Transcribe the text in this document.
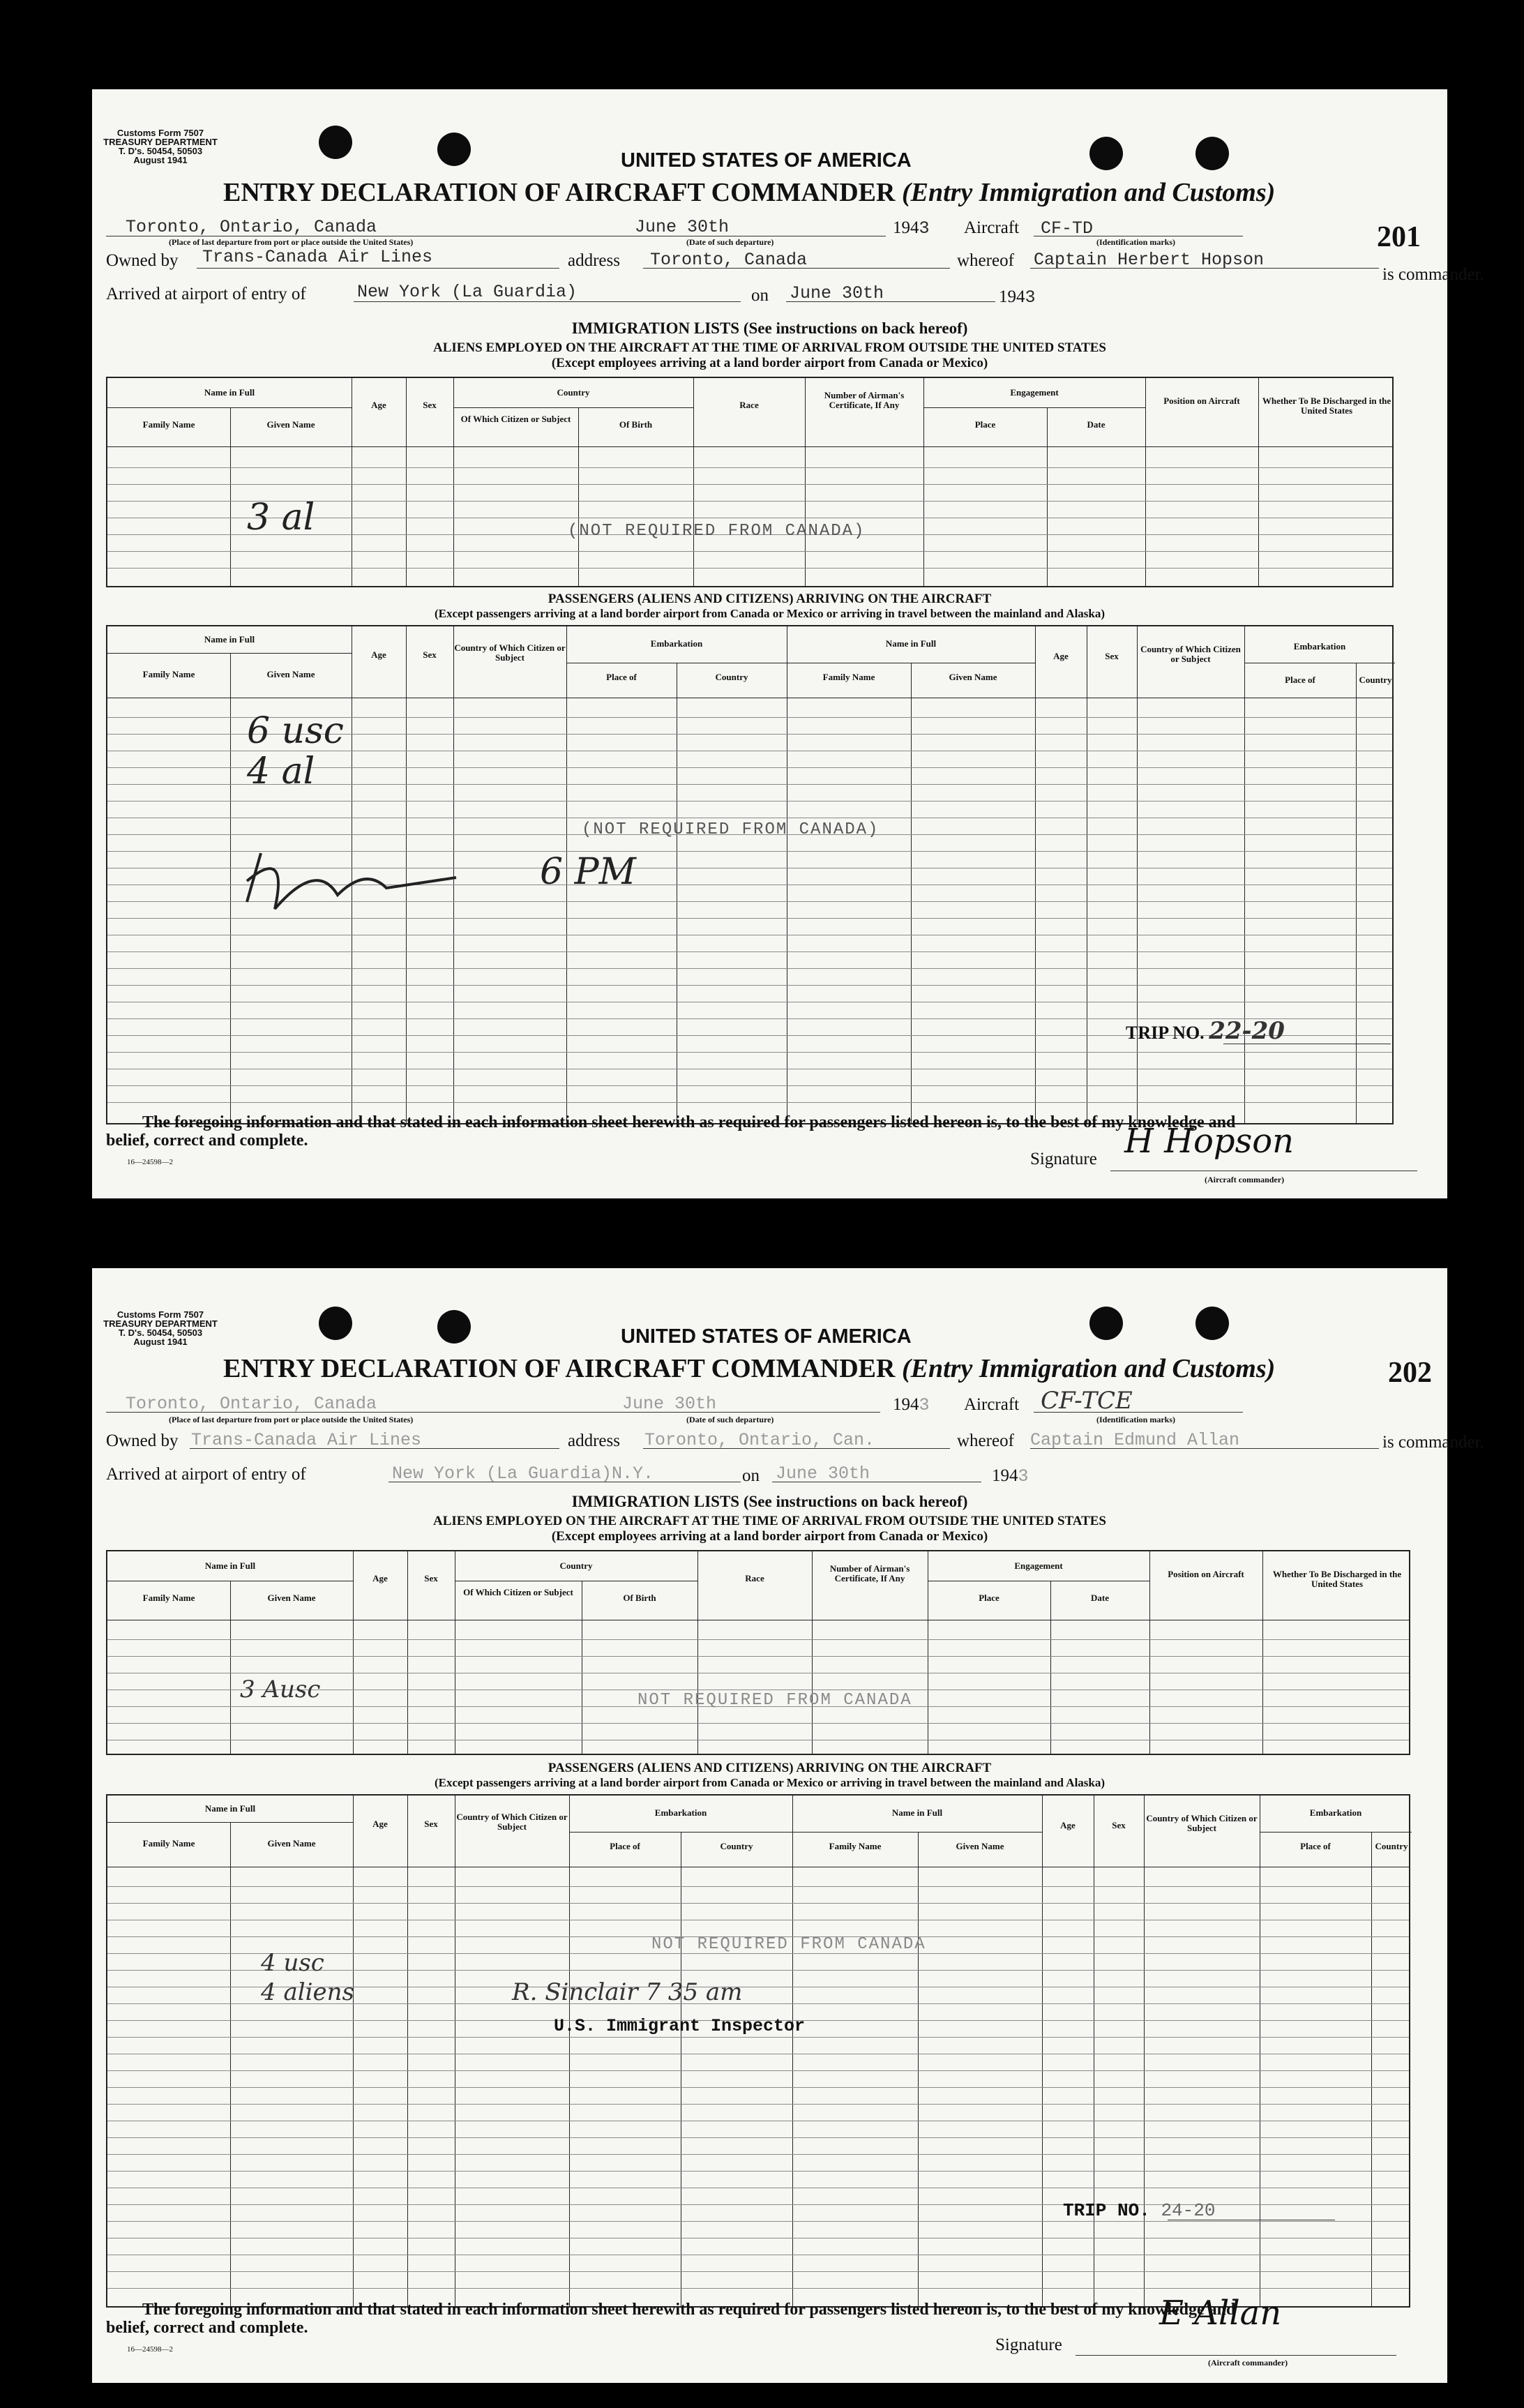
Customs Form 7507
TREASURY DEPARTMENT
T. D's. 50454, 50503
August 1941	UNITED STATES OF AMERICA
ENTRY DECLARATION OF AIRCRAFT COMMANDER (Entry Immigration and Customs)
201
Toronto, Ontario, Canada	June 30th	1943 Aircraft CF-TD
(Place of last departure from port or place outside the United States)	(Date of such departure)	(Identification marks)
Owned by Trans-Canada Air Lines	address Toronto, Canada	whereof Captain Herbert Hopson
is commander.
Arrived at airport of entry of	New York (La Guardia)	on June 30th	1943
IMMIGRATION LISTS (See instructions on back hereof)
ALIENS EMPLOYED ON THE AIRCRAFT AT THE TIME OF ARRIVAL FROM OUTSIDE THE UNITED STATES
(Except employees arriving at a land border airport from Canada or Mexico)
Name in Full
Family Name	Given Name
Age	Sex
Country
Of Which Citizen or Subject
Of Birth
Race
Number of Airman's Certificate, If Any
Engagement
Place	Date
Position on Aircraft	Whether To Be Discharged in the United States
3 al	(NOT REQUIRED FROM CANADA)
PASSENGERS (ALIENS AND CITIZENS) ARRIVING ON THE AIRCRAFT
(Except passengers arriving at a land border airport from Canada or Mexico or arriving in travel between the mainland and Alaska)
Name in Full
Family Name	Given Name
Age	Sex
Country of Which Citizen or Subject
Embarkation
Place of	Country
Name in Full
Family Name	Given Name
Age	Sex
Country of Which Citizen or Subject
Embarkation
Place of	Country
6 usc
4 al
6 PM
(NOT REQUIRED FROM CANADA)
TRIP NO. 22-20
The foregoing information and that stated in each information sheet herewith as required for passengers listed hereon is, to the best of my knowledge and
belief, correct and complete.
16—24598—2	Signature H Hopson
(Aircraft commander)
Customs Form 7507
TREASURY DEPARTMENT
T. D's. 50454, 50503
August 1941	UNITED STATES OF AMERICA
ENTRY DECLARATION OF AIRCRAFT COMMANDER (Entry Immigration and Customs)	202
Toronto, Ontario, Canada	June 30th	1943 Aircraft CF-TCE
(Place of last departure from port or place outside the United States)	(Date of such departure)	(Identification marks)
Owned by Trans-Canada Air Lines	address Toronto, Ontario, Can.	whereof Captain Edmund Allan	is commander.
Arrived at airport of entry of	New York (La Guardia)N.Y.	on June 30th	1943
IMMIGRATION LISTS (See instructions on back hereof)
ALIENS EMPLOYED ON THE AIRCRAFT AT THE TIME OF ARRIVAL FROM OUTSIDE THE UNITED STATES
(Except employees arriving at a land border airport from Canada or Mexico)
Name in Full
Family Name	Given Name
Age	Sex
Country
Of Which Citizen or Subject
Of Birth
Race
Number of Airman's Certificate, If Any
Engagement
Place	Date
Position on Aircraft	Whether To Be Discharged in the United States
3 Ausc	NOT REQUIRED FROM CANADA
PASSENGERS (ALIENS AND CITIZENS) ARRIVING ON THE AIRCRAFT
(Except passengers arriving at a land border airport from Canada or Mexico or arriving in travel between the mainland and Alaska)
Name in Full
Family Name	Given Name
Age	Sex
Country of Which Citizen or Subject
Embarkation
Place of	Country
Name in Full
Family Name	Given Name
Age	Sex
Country of Which Citizen or Subject
Embarkation
Place of	Country
NOT REQUIRED FROM CANADA
4 usc
4 aliens	R. Sinclair 7 35 am
U.S. Immigrant Inspector
TRIP NO. 24-20
The foregoing information and that stated in each information sheet herewith as required for passengers listed hereon is, to the best of my knowledge and
belief, correct and complete.
16—24598—2	Signature
E Allan
(Aircraft commander)
